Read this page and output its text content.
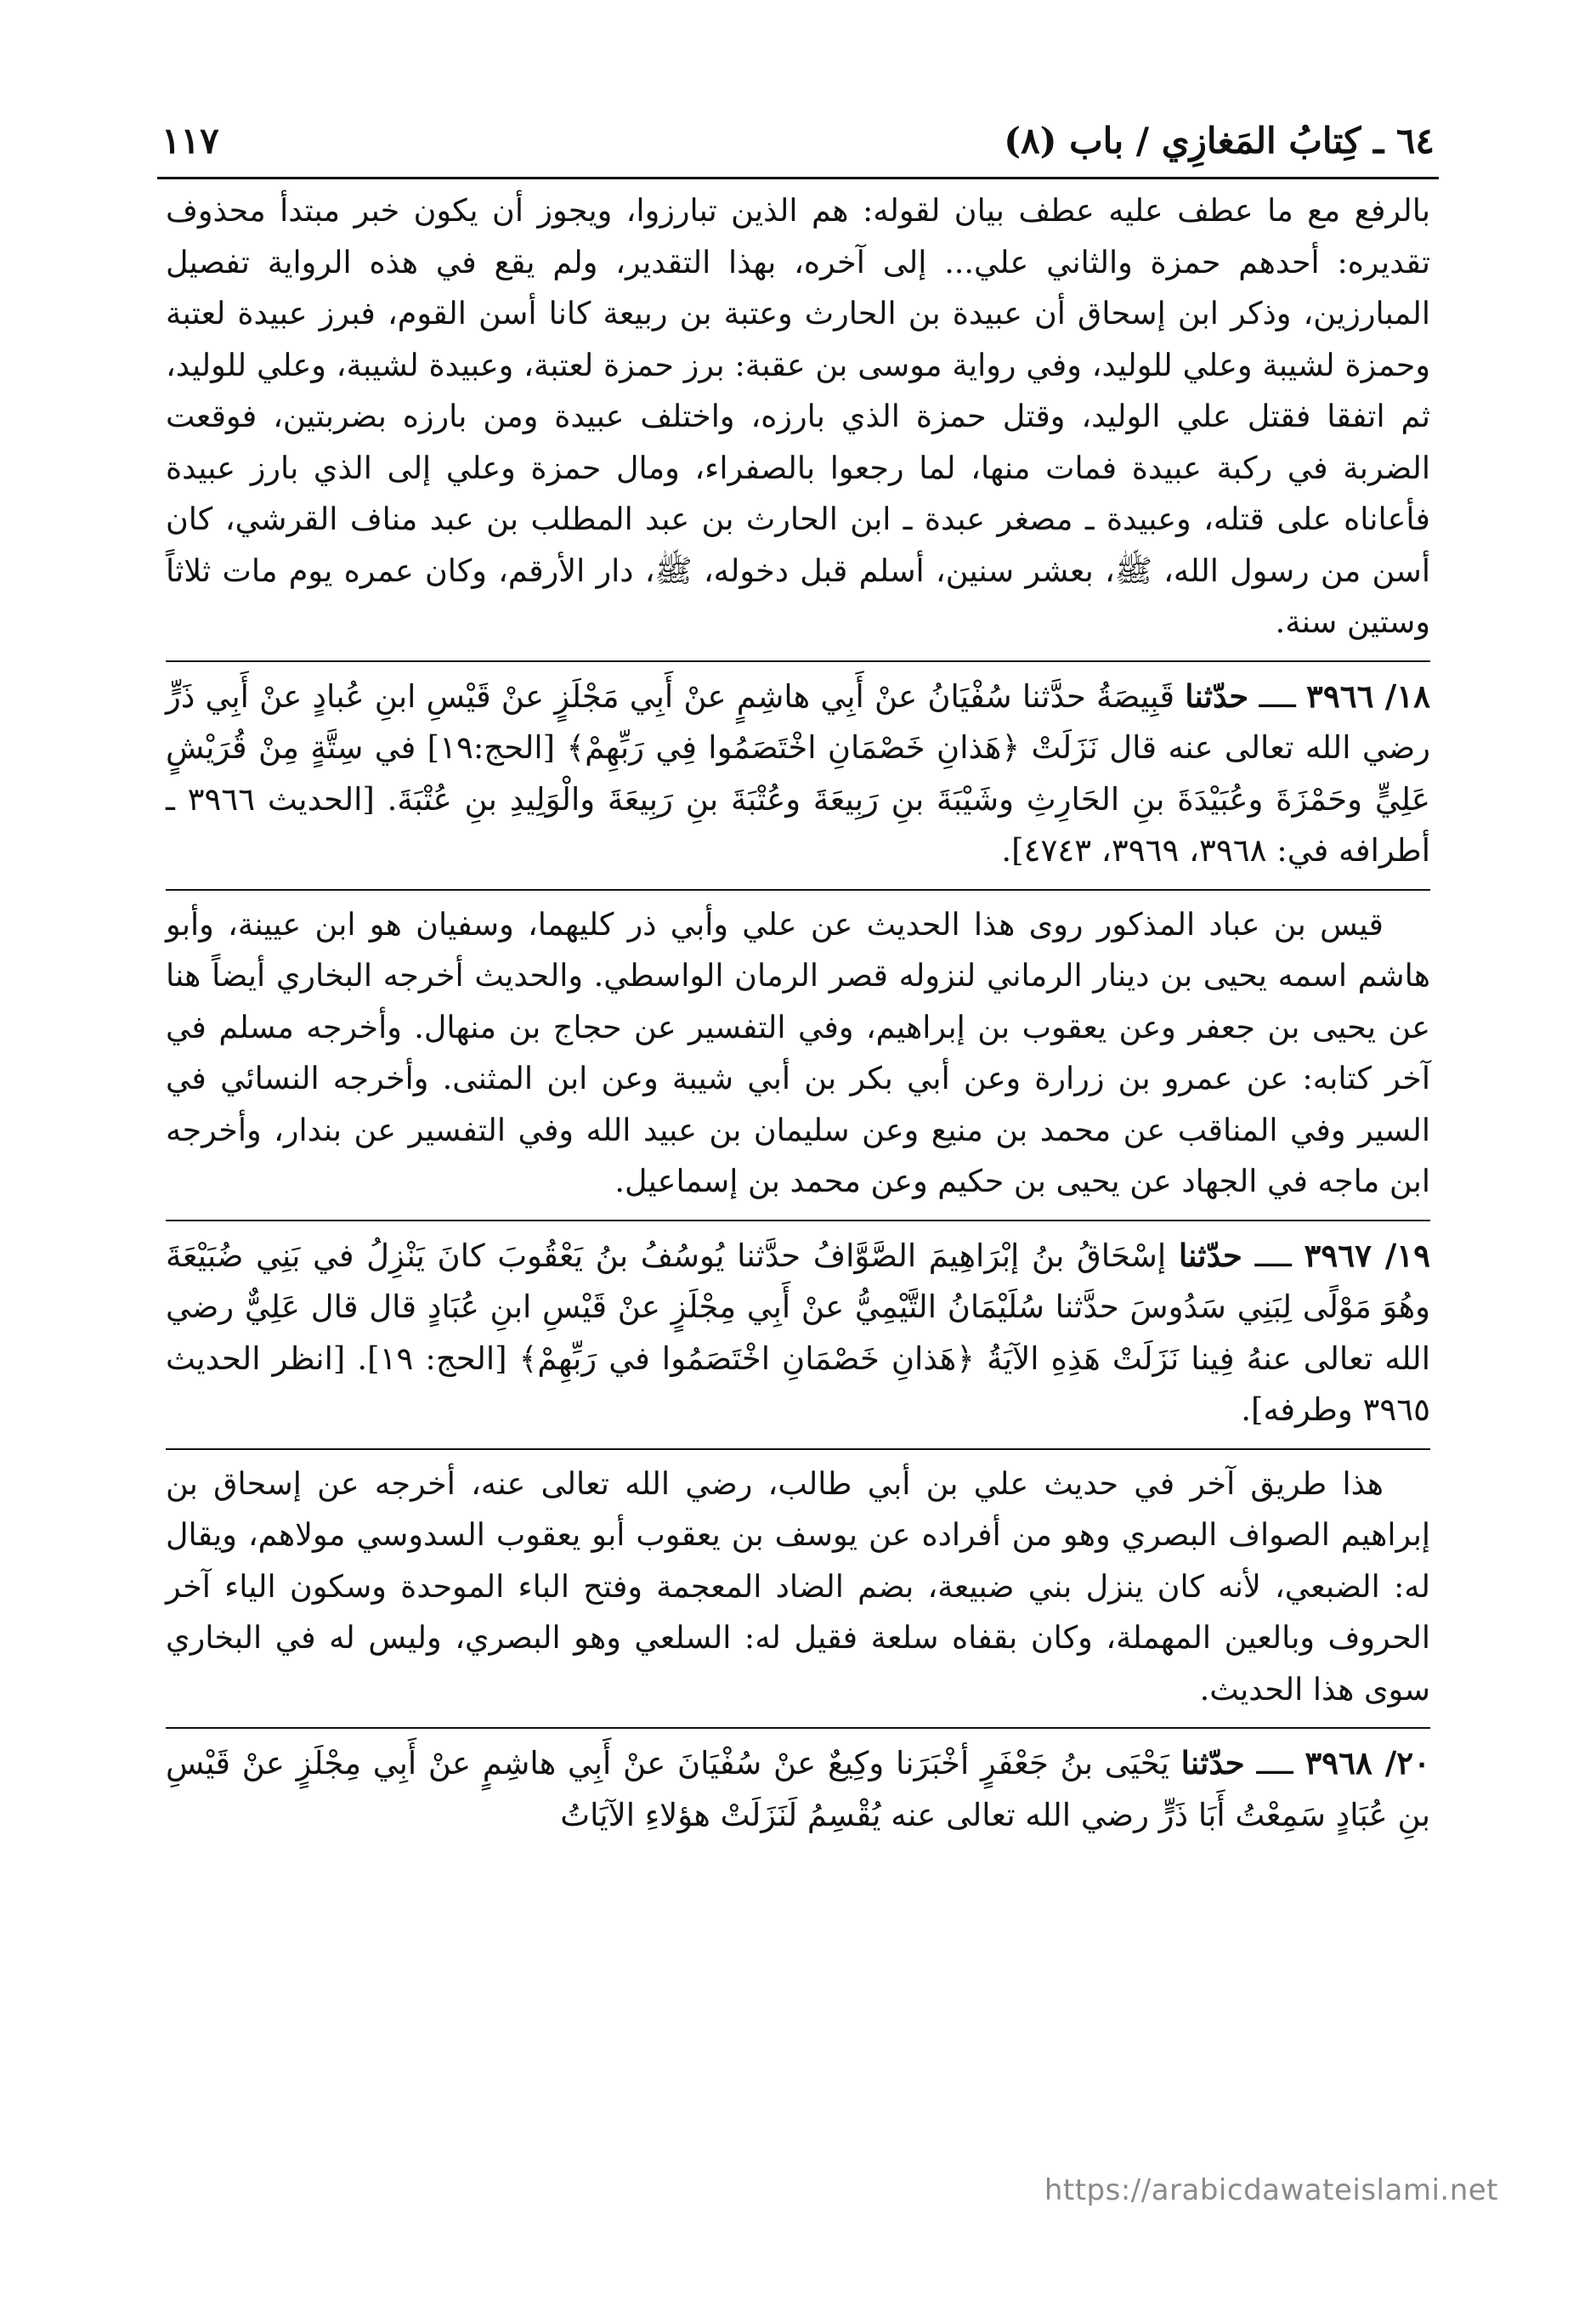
٦٤ ـ كِتابُ المَغازِي / باب (٨)
١١٧

بالرفع مع ما عطف عليه عطف بيان لقوله: هم الذين تبارزوا، ويجوز أن يكون خبر مبتدأ محذوف تقديره: أحدهم حمزة والثاني علي... إلى آخره، بهذا التقدير، ولم يقع في هذه الرواية تفصيل المبارزين، وذكر ابن إسحاق أن عبيدة بن الحارث وعتبة بن ربيعة كانا أسن القوم، فبرز عبيدة لعتبة وحمزة لشيبة وعلي للوليد، وفي رواية موسى بن عقبة: برز حمزة لعتبة، وعبيدة لشيبة، وعلي للوليد، ثم اتفقا فقتل علي الوليد، وقتل حمزة الذي بارزه، واختلف عبيدة ومن بارزه بضربتين، فوقعت الضربة في ركبة عبيدة فمات منها، لما رجعوا بالصفراء، ومال حمزة وعلي إلى الذي بارز عبيدة فأعاناه على قتله، وعبيدة ـ مصغر عبدة ـ ابن الحارث بن عبد المطلب بن عبد مناف القرشي، كان أسن من رسول الله، ﷺ، بعشر سنين، أسلم قبل دخوله، ﷺ، دار الأرقم، وكان عمره يوم مات ثلاثاً وستين سنة.

١٨/ ٣٩٦٦ ــــ حدّثنا قَبِيصَةُ حدَّثنا سُفْيَانُ عنْ أَبِي هاشِمٍ عنْ أَبِي مَجْلَزٍ عنْ قَيْسِ ابنِ عُبادٍ عنْ أَبِي ذَرٍّ رضي الله تعالى عنه قال نَزَلَتْ ﴿هَذانِ خَصْمَانِ اخْتَصَمُوا فِي رَبِّهِمْ﴾ [الحج:١٩] في سِتَّةٍ مِنْ قُرَيْشٍ عَلِيٍّ وحَمْزَةَ وعُبَيْدَةَ بنِ الحَارِثِ وشَيْبَةَ بنِ رَبِيعَةَ وعُتْبَةَ بنِ رَبِيعَةَ والْوَلِيدِ بنِ عُتْبَةَ. [الحديث ٣٩٦٦ ـ أطرافه في: ٣٩٦٨، ٣٩٦٩، ٤٧٤٣].

قيس بن عباد المذكور روى هذا الحديث عن علي وأبي ذر كليهما، وسفيان هو ابن عيينة، وأبو هاشم اسمه يحيى بن دينار الرماني لنزوله قصر الرمان الواسطي. والحديث أخرجه البخاري أيضاً هنا عن يحيى بن جعفر وعن يعقوب بن إبراهيم، وفي التفسير عن حجاج بن منهال. وأخرجه مسلم في آخر كتابه: عن عمرو بن زرارة وعن أبي بكر بن أبي شيبة وعن ابن المثنى. وأخرجه النسائي في السير وفي المناقب عن محمد بن منيع وعن سليمان بن عبيد الله وفي التفسير عن بندار، وأخرجه ابن ماجه في الجهاد عن يحيى بن حكيم وعن محمد بن إسماعيل.

١٩/ ٣٩٦٧ ــــ حدّثنا إسْحَاقُ بنُ إبْرَاهِيمَ الصَّوَّافُ حدَّثنا يُوسُفُ بنُ يَعْقُوبَ كانَ يَنْزِلُ في بَنِي ضُبَيْعَةَ وهُوَ مَوْلًى لِبَنِي سَدُوسَ حدَّثنا سُلَيْمَانُ التَّيْمِيُّ عنْ أَبِي مِجْلَزٍ عنْ قَيْسِ ابنِ عُبَادٍ قال قال عَلِيٌّ رضي الله تعالى عنهُ فِينا نَزَلَتْ هَذِهِ الآيَةُ ﴿هَذانِ خَصْمَانِ اخْتَصَمُوا في رَبِّهِمْ﴾ [الحج: ١٩]. [انظر الحديث ٣٩٦٥ وطرفه].

هذا طريق آخر في حديث علي بن أبي طالب، رضي الله تعالى عنه، أخرجه عن إسحاق بن إبراهيم الصواف البصري وهو من أفراده عن يوسف بن يعقوب أبو يعقوب السدوسي مولاهم، ويقال له: الضبعي، لأنه كان ينزل بني ضبيعة، بضم الضاد المعجمة وفتح الباء الموحدة وسكون الياء آخر الحروف وبالعين المهملة، وكان بقفاه سلعة فقيل له: السلعي وهو البصري، وليس له في البخاري سوى هذا الحديث.

٢٠/ ٣٩٦٨ ــــ حدّثنا يَحْيَى بنُ جَعْفَرٍ أخْبَرَنا وكِيعٌ عنْ سُفْيَانَ عنْ أَبِي هاشِمٍ عنْ أَبِي مِجْلَزٍ عنْ قَيْسِ بنِ عُبَادٍ سَمِعْتُ أَبَا ذَرٍّ رضي الله تعالى عنه يُقْسِمُ لَنَزَلَتْ هؤلاءِ الآيَاتُ

https://arabicdawateislami.net
